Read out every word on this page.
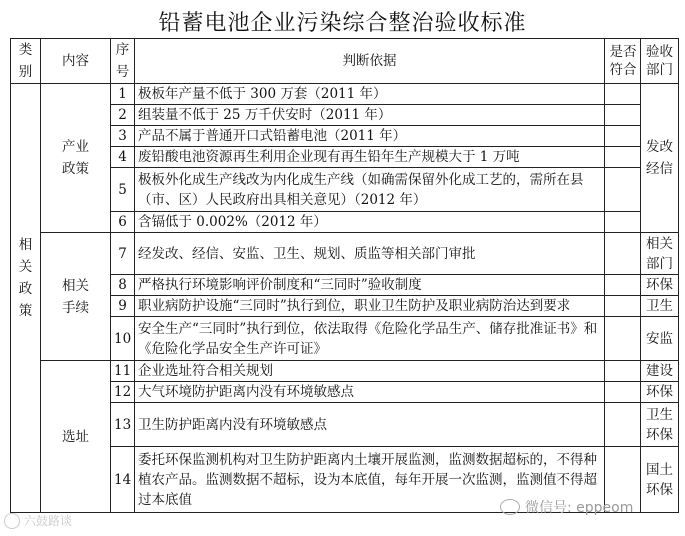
铅蓄电池企业污染综合整治验收标准
类别	内容	序号	判断依据	是否符合	验收部门
相关政策	产业政策	1	极板年产量不低于 300 万套（2011 年）		发改经信
		2	组装量不低于 25 万千伏安时（2011 年）		
		3	产品不属于普通开口式铅蓄电池（2011 年）		
		4	废铅酸电池资源再生利用企业现有再生铅年生产规模大于 1 万吨		
		5	极板外化成生产线改为内化成生产线（如确需保留外化成工艺的，需所在县（市、区）人民政府出具相关意见）（2012 年）		
		6	含镉低于 0.002%（2012 年）		
	相关手续	7	经发改、经信、安监、卫生、规划、质监等相关部门审批		相关部门
		8	严格执行环境影响评价制度和“三同时”验收制度		环保
		9	职业病防护设施“三同时”执行到位，职业卫生防护及职业病防治达到要求		卫生
		10	安全生产“三同时”执行到位，依法取得《危险化学品生产、储存批准证书》和《危险化学品安全生产许可证》		安监
	选址	11	企业选址符合相关规划		建设
		12	大气环境防护距离内没有环境敏感点		环保
		13	卫生防护距离内没有环境敏感点		卫生环保
		14	委托环保监测机构对卫生防护距离内土壤开展监测，监测数据超标的，不得种植农产品。监测数据不超标，设为本底值，每年开展一次监测，监测值不得超过本底值		国土环保
六鼓路谈
微信号: eppeom
